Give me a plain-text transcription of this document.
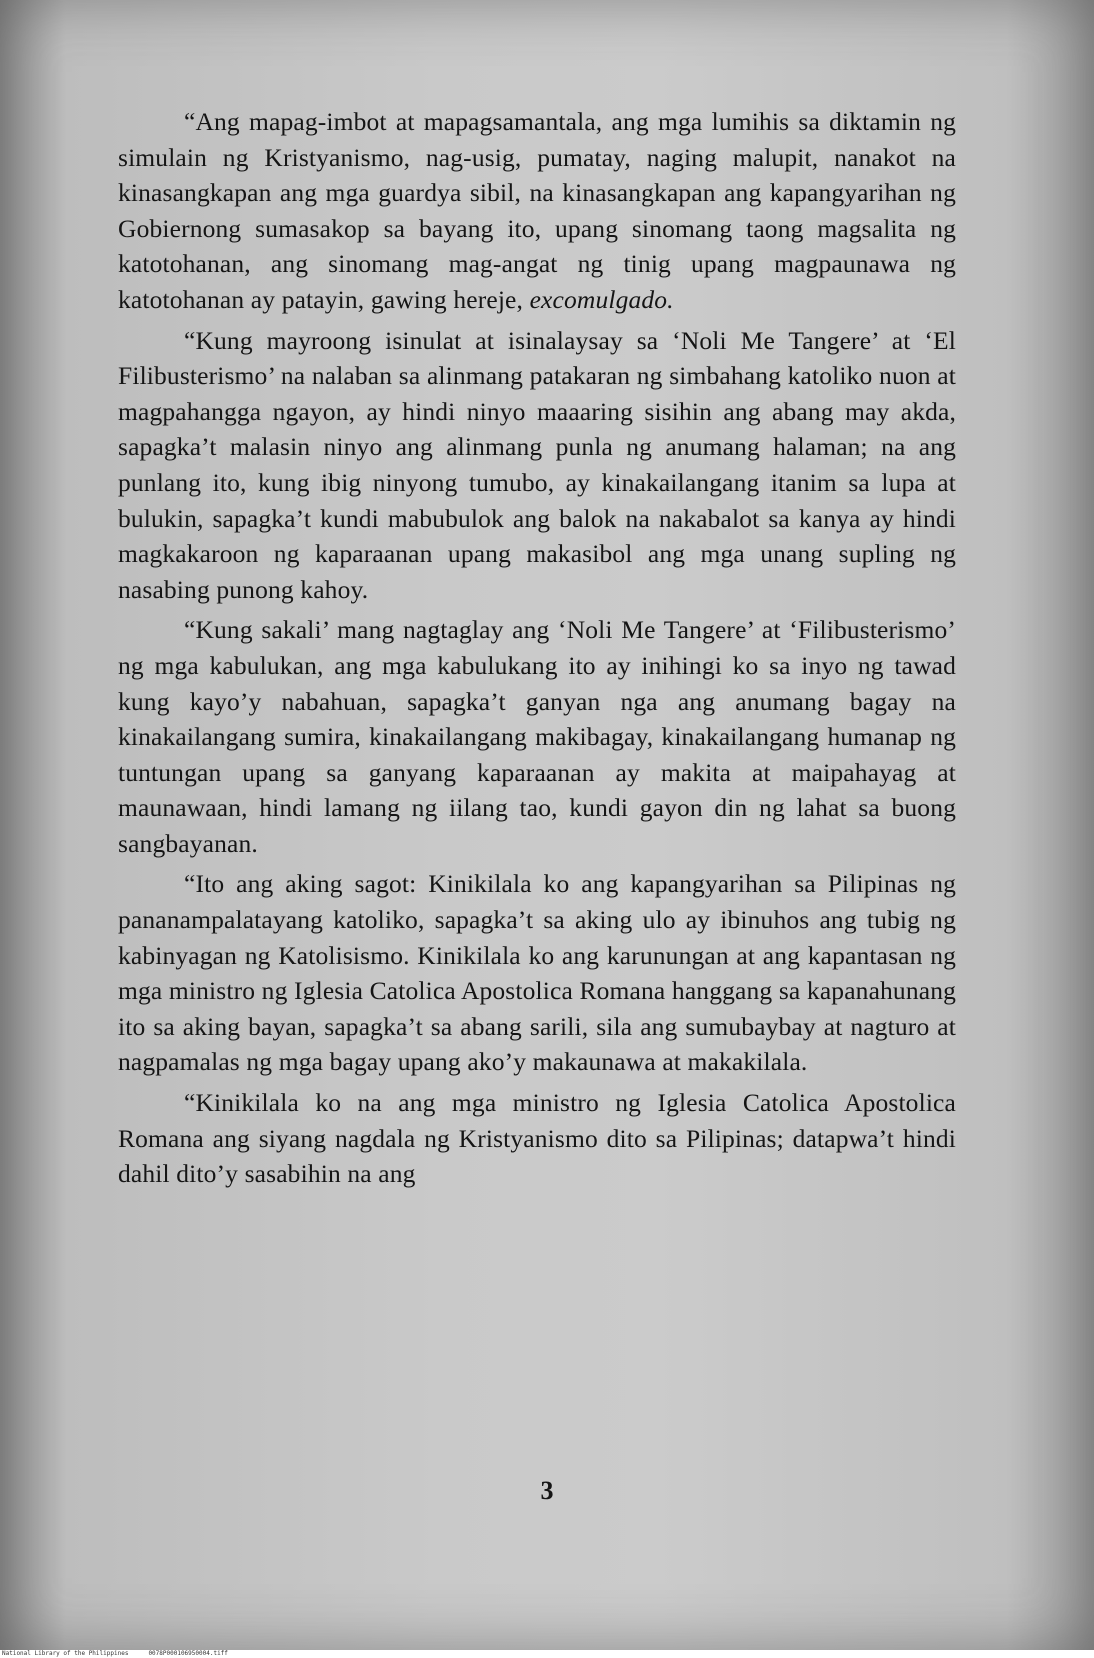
“Ang mapag-imbot at mapagsamantala, ang mga lumihis sa diktamin ng simulain ng Kristyanismo, nag-usig, pumatay, naging malupit, nanakot na kinasangkapan ang mga guardya sibil, na kinasangkapan ang kapangyarihan ng Gobiernong sumasakop sa bayang ito, upang sinomang taong magsalita ng katotohanan, ang sinomang mag-angat ng tinig upang magpaunawa ng katotohanan ay patayin, gawing hereje, excomulgado.

“Kung mayroong isinulat at isinalaysay sa ‘Noli Me Tangere’ at ‘El Filibusterismo’ na nalaban sa alinmang patakaran ng simbahang katoliko nuon at magpahangga ngayon, ay hindi ninyo maaaring sisihin ang abang may akda, sapagka’t malasin ninyo ang alinmang punla ng anumang halaman; na ang punlang ito, kung ibig ninyong tumubo, ay kinakailangang itanim sa lupa at bulukin, sapagka’t kundi mabubulok ang balok na nakabalot sa kanya ay hindi magkakaroon ng kaparaanan upang makasibol ang mga unang supling ng nasabing punong kahoy.

“Kung sakali’ mang nagtaglay ang ‘Noli Me Tangere’ at ‘Filibusterismo’ ng mga kabulukan, ang mga kabulukang ito ay inihingi ko sa inyo ng tawad kung kayo’y nabahuan, sapagka’t ganyan nga ang anumang bagay na kinakailangang sumira, kinakailangang makibagay, kinakailangang humanap ng tuntungan upang sa ganyang kaparaanan ay makita at maipahayag at maunawaan, hindi lamang ng iilang tao, kundi gayon din ng lahat sa buong sangbayanan.

“Ito ang aking sagot: Kinikilala ko ang kapangyarihan sa Pilipinas ng pananampalatayang katoliko, sapagka’t sa aking ulo ay ibinuhos ang tubig ng kabinyagan ng Katolisismo. Kinikilala ko ang karunungan at ang kapantasan ng mga ministro ng Iglesia Catolica Apostolica Romana hanggang sa kapanahunang ito sa aking bayan, sapagka’t sa abang sarili, sila ang sumubaybay at nagturo at nagpamalas ng mga bagay upang ako’y makaunawa at makakilala.

“Kinikilala ko na ang mga ministro ng Iglesia Catolica Apostolica Romana ang siyang nagdala ng Kristyanismo dito sa Pilipinas; datapwa’t hindi dahil dito’y sasabihin na ang

3
National Library of the Philippines	0078P000106950004.tiff
